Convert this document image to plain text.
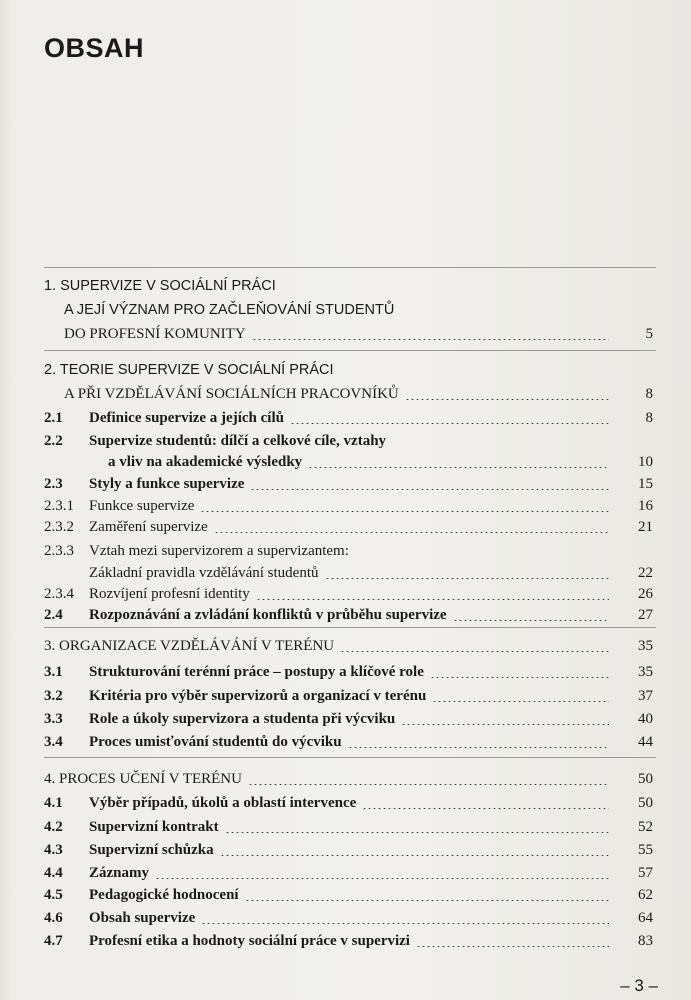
OBSAH
1. SUPERVIZE V SOCIÁLNÍ PRÁCI
A JEJÍ VÝZNAM PRO ZAČLEŇOVÁNÍ STUDENTŮ
DO PROFESNÍ KOMUNITY	5
2. TEORIE SUPERVIZE V SOCIÁLNÍ PRÁCI
A PŘI VZDĚLÁVÁNÍ SOCIÁLNÍCH PRACOVNÍKŮ	8
2.1 Definice supervize a jejích cílů	8
2.2 Supervize studentů: dílčí a celkové cíle, vztahy
a vliv na akademické výsledky	10
2.3 Styly a funkce supervize	15
2.3.1 Funkce supervize	16
2.3.2 Zaměření supervize	21
2.3.3 Vztah mezi supervizorem a supervizantem:
Základní pravidla vzdělávání studentů	22
2.3.4 Rozvíjení profesní identity	26
2.4 Rozpoznávání a zvládání konfliktů v průběhu supervize	27
3. ORGANIZACE VZDĚLÁVÁNÍ V TERÉNU	35
3.1 Strukturování terénní práce – postupy a klíčové role	35
3.2 Kritéria pro výběr supervizorů a organizací v terénu	37
3.3 Role a úkoly supervizora a studenta při výcviku	40
3.4 Proces umisťování studentů do výcviku	44
4. PROCES UČENÍ V TERÉNU	50
4.1 Výběr případů, úkolů a oblastí intervence	50
4.2 Supervizní kontrakt	52
4.3 Supervizní schůzka	55
4.4 Záznamy	57
4.5 Pedagogické hodnocení	62
4.6 Obsah supervize	64
4.7 Profesní etika a hodnoty sociální práce v supervizi	83
– 3 –
